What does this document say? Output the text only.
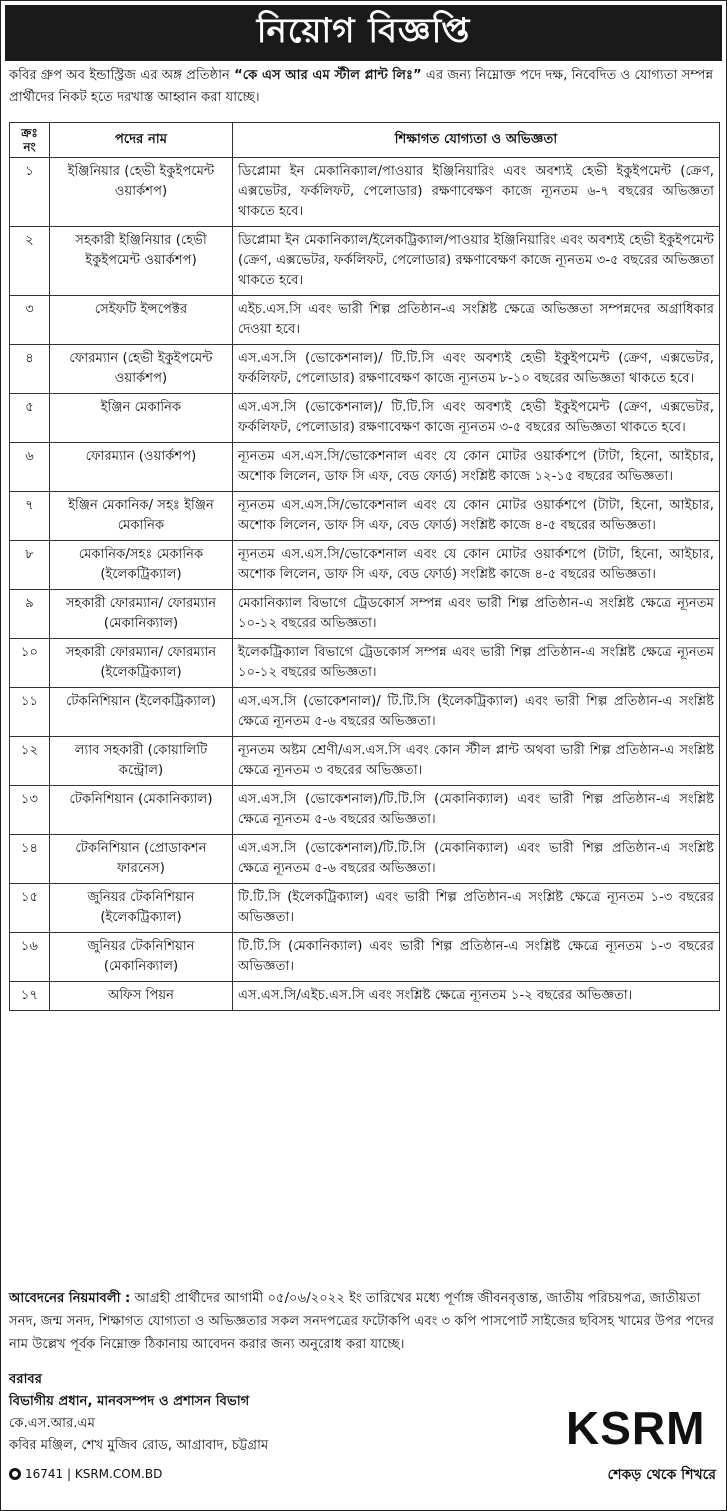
নিয়োগ বিজ্ঞপ্তি
কবির গ্রুপ অব ইন্ডাস্ট্রিজ এর অঙ্গ প্রতিষ্ঠান “কে এস আর এম স্টীল প্লান্ট লিঃ” এর জন্য নিম্নোক্ত পদে দক্ষ, নিবেদিত ও যোগ্যতা সম্পন্ন প্রার্থীদের নিকট হতে দরখাস্ত আহ্বান করা যাচ্ছে।
ক্রঃ নং	পদের নাম	শিক্ষাগত যোগ্যতা ও অভিজ্ঞতা
১	ইঞ্জিনিয়ার (হেভী ইকুইপমেন্ট ওয়ার্কশপ)	ডিপ্লোমা ইন মেকানিক্যাল/পাওয়ার ইঞ্জিনিয়ারিং এবং অবশ্যই হেভী ইকুইপমেন্ট (ক্রেণ, এক্সভেটর, ফর্কলিফট, পেলোডার) রক্ষণাবেক্ষণ কাজে ন্যূনতম ৬-৭ বছরের অভিজ্ঞতা থাকতে হবে।
২	সহকারী ইঞ্জিনিয়ার (হেভী ইকুইপমেন্ট ওয়ার্কশপ)	ডিপ্লোমা ইন মেকানিক্যাল/ইলেকট্রিক্যাল/পাওয়ার ইঞ্জিনিয়ারিং এবং অবশ্যই হেভী ইকুইপমেন্ট (ক্রেণ, এক্সভেটর, ফর্কলিফট, পেলোডার) রক্ষণাবেক্ষণ কাজে ন্যূনতম ৩-৫ বছরের অভিজ্ঞতা থাকতে হবে।
৩	সেইফটি ইন্সপেক্টর	এইচ.এস.সি এবং ভারী শিল্প প্রতিষ্ঠান-এ সংশ্লিষ্ট ক্ষেত্রে অভিজ্ঞতা সম্পন্নদের অগ্রাধিকার দেওয়া হবে।
৪	ফোরম্যান (হেভী ইকুইপমেন্ট ওয়ার্কশপ)	এস.এস.সি (ভোকেশনাল)/ টি.টি.সি এবং অবশ্যই হেভী ইকুইপমেন্ট (ক্রেণ, এক্সভেটর, ফর্কলিফট, পেলোডার) রক্ষণাবেক্ষণ কাজে ন্যূনতম ৮-১০ বছরের অভিজ্ঞতা থাকতে হবে।
৫	ইঞ্জিন মেকানিক	এস.এস.সি (ভোকেশনাল)/ টি.টি.সি এবং অবশ্যই হেভী ইকুইপমেন্ট (ক্রেণ, এক্সভেটর, ফর্কলিফট, পেলোডার) রক্ষণাবেক্ষণ কাজে ন্যূনতম ৩-৫ বছরের অভিজ্ঞতা থাকতে হবে।
৬	ফোরম্যান (ওয়ার্কশপ)	ন্যূনতম এস.এস.সি/ভোকেশনাল এবং যে কোন মোটর ওয়ার্কশপে (টাটা, হিনো, আইচার, অশোক লিলেন, ডাফ সি এফ, বেড ফোর্ড) সংশ্লিষ্ট কাজে ১২-১৫ বছরের অভিজ্ঞতা।
৭	ইঞ্জিন মেকানিক/ সহঃ ইঞ্জিন মেকানিক	ন্যূনতম এস.এস.সি/ভোকেশনাল এবং যে কোন মোটর ওয়ার্কশপে (টাটা, হিনো, আইচার, অশোক লিলেন, ডাফ সি এফ, বেড ফোর্ড) সংশ্লিষ্ট কাজে ৪-৫ বছরের অভিজ্ঞতা।
৮	মেকানিক/সহঃ মেকানিক (ইলেকট্রিক্যাল)	ন্যূনতম এস.এস.সি/ভোকেশনাল এবং যে কোন মোটর ওয়ার্কশপে (টাটা, হিনো, আইচার, অশোক লিলেন, ডাফ সি এফ, বেড ফোর্ড) সংশ্লিষ্ট কাজে ৪-৫ বছরের অভিজ্ঞতা।
৯	সহকারী ফোরম্যান/ ফোরম্যান (মেকানিক্যাল)	মেকানিক্যাল বিভাগে ট্রেডকোর্স সম্পন্ন এবং ভারী শিল্প প্রতিষ্ঠান-এ সংশ্লিষ্ট ক্ষেত্রে ন্যূনতম ১০-১২ বছরের অভিজ্ঞতা।
১০	সহকারী ফোরম্যান/ ফোরম্যান (ইলেকট্রিক্যাল)	ইলেকট্রিক্যাল বিভাগে ট্রেডকোর্স সম্পন্ন এবং ভারী শিল্প প্রতিষ্ঠান-এ সংশ্লিষ্ট ক্ষেত্রে ন্যূনতম ১০-১২ বছরের অভিজ্ঞতা।
১১	টেকনিশিয়ান (ইলেকট্রিক্যাল)	এস.এস.সি (ভোকেশনাল)/ টি.টি.সি (ইলেকট্রিক্যাল) এবং ভারী শিল্প প্রতিষ্ঠান-এ সংশ্লিষ্ট ক্ষেত্রে ন্যূনতম ৫-৬ বছরের অভিজ্ঞতা।
১২	ল্যাব সহকারী (কোয়ালিটি কন্ট্রোল)	ন্যূনতম অষ্টম শ্রেণী/এস.এস.সি এবং কোন স্টীল প্লান্ট অথবা ভারী শিল্প প্রতিষ্ঠান-এ সংশ্লিষ্ট ক্ষেত্রে ন্যূনতম ৩ বছরের অভিজ্ঞতা।
১৩	টেকনিশিয়ান (মেকানিক্যাল)	এস.এস.সি (ভোকেশনাল)/টি.টি.সি (মেকানিক্যাল) এবং ভারী শিল্প প্রতিষ্ঠান-এ সংশ্লিষ্ট ক্ষেত্রে ন্যূনতম ৫-৬ বছরের অভিজ্ঞতা।
১৪	টেকনিশিয়ান (প্রোডাকশন ফারনেস)	এস.এস.সি (ভোকেশনাল)/টি.টি.সি (মেকানিক্যাল) এবং ভারী শিল্প প্রতিষ্ঠান-এ সংশ্লিষ্ট ক্ষেত্রে ন্যূনতম ৫-৬ বছরের অভিজ্ঞতা।
১৫	জুনিয়র টেকনিশিয়ান (ইলেকট্রিক্যাল)	টি.টি.সি (ইলেকট্রিক্যাল) এবং ভারী শিল্প প্রতিষ্ঠান-এ সংশ্লিষ্ট ক্ষেত্রে ন্যূনতম ১-৩ বছরের অভিজ্ঞতা।
১৬	জুনিয়র টেকনিশিয়ান (মেকানিক্যাল)	টি.টি.সি (মেকানিক্যাল) এবং ভারী শিল্প প্রতিষ্ঠান-এ সংশ্লিষ্ট ক্ষেত্রে ন্যূনতম ১-৩ বছরের অভিজ্ঞতা।
১৭	অফিস পিয়ন	এস.এস.সি/এইচ.এস.সি এবং সংশ্লিষ্ট ক্ষেত্রে ন্যূনতম ১-২ বছরের অভিজ্ঞতা।
আবেদনের নিয়মাবলী : আগ্রহী প্রার্থীদের আগামী ০৫/০৬/২০২২ ইং তারিখের মধ্যে পূর্ণাঙ্গ জীবনবৃত্তান্ত, জাতীয় পরিচয়পত্র, জাতীয়তা সনদ, জন্ম সনদ, শিক্ষাগত যোগ্যতা ও অভিজ্ঞতার সকল সনদপত্রের ফটোকপি এবং ৩ কপি পাসপোর্ট সাইজের ছবিসহ খামের উপর পদের নাম উল্লেখ পূর্বক নিম্নোক্ত ঠিকানায় আবেদন করার জন্য অনুরোধ করা যাচ্ছে।
বরাবর
বিভাগীয় প্রধান, মানবসম্পদ ও প্রশাসন বিভাগ
কে.এস.আর.এম
কবির মঞ্জিল, শেখ মুজিব রোড, আগ্রাবাদ, চট্টগ্রাম
16741 | KSRM.COM.BD
KSRM
শেকড় থেকে শিখরে
